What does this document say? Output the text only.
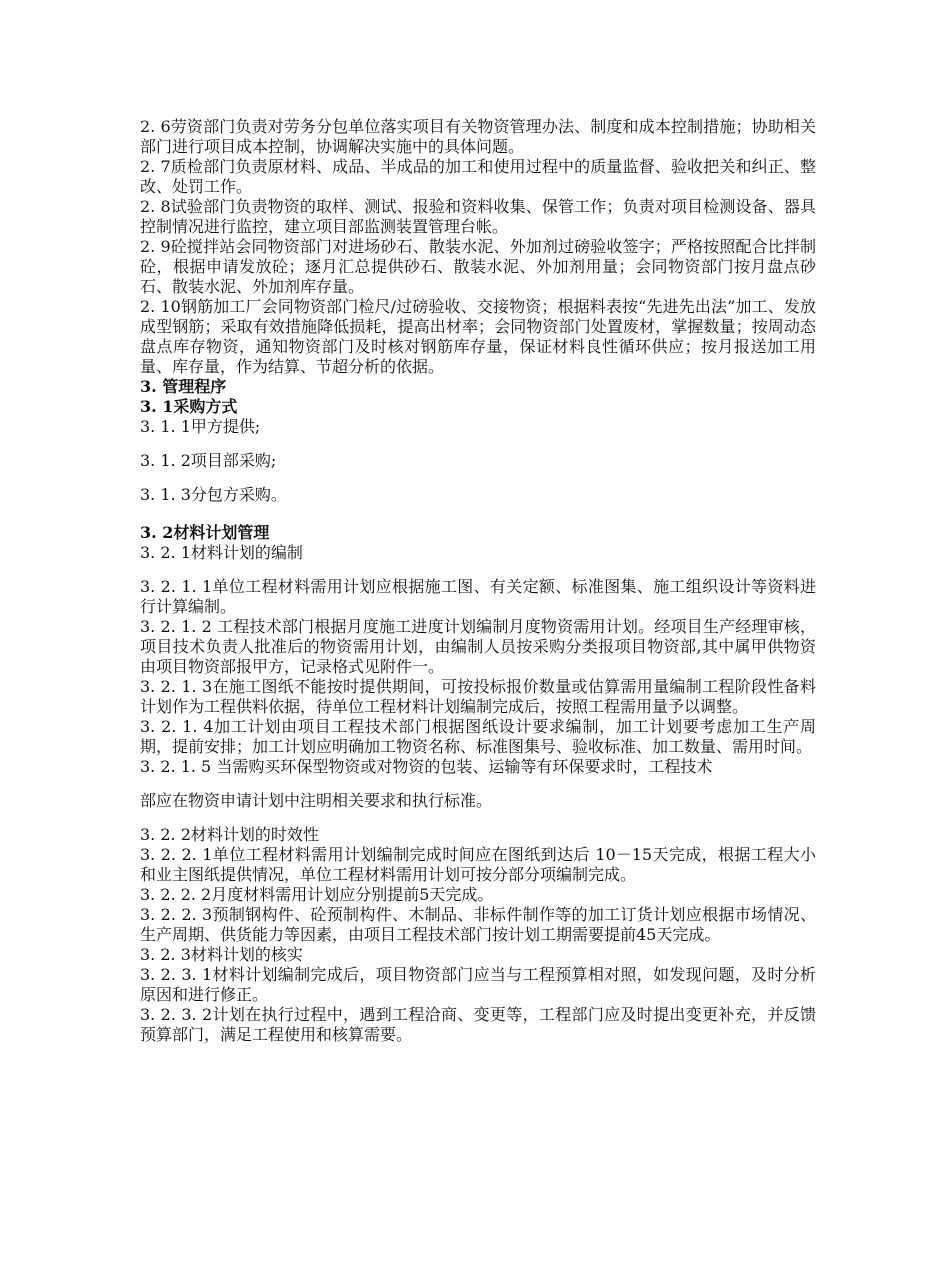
2. 6劳资部门负责对劳务分包单位落实项目有关物资管理办法、制度和成本控制措施；协助相关部门进行项目成本控制，协调解决实施中的具体问题。

2. 7质检部门负责原材料、成品、半成品的加工和使用过程中的质量监督、验收把关和纠正、整改、处罚工作。

2. 8试验部门负责物资的取样、测试、报验和资料收集、保管工作；负责对项目检测设备、器具控制情况进行监控，建立项目部监测装置管理台帐。

2. 9砼搅拌站会同物资部门对进场砂石、散装水泥、外加剂过磅验收签字；严格按照配合比拌制砼，根据申请发放砼；逐月汇总提供砂石、散装水泥、外加剂用量；会同物资部门按月盘点砂石、散装水泥、外加剂库存量。

2. 10钢筋加工厂会同物资部门检尺/过磅验收、交接物资；根据料表按“先进先出法”加工、发放成型钢筋；采取有效措施降低损耗，提高出材率；会同物资部门处置废材，掌握数量；按周动态盘点库存物资，通知物资部门及时核对钢筋库存量，保证材料良性循环供应；按月报送加工用量、库存量，作为结算、节超分析的依据。

3. 管理程序

3. 1采购方式

3. 1. 1甲方提供;

3. 1. 2项目部采购;

3. 1. 3分包方采购。

3. 2材料计划管理

3. 2. 1材料计划的编制

3. 2. 1. 1单位工程材料需用计划应根据施工图、有关定额、标准图集、施工组织设计等资料进行计算编制。

3. 2. 1. 2 工程技术部门根据月度施工进度计划编制月度物资需用计划。经项目生产经理审核，项目技术负责人批准后的物资需用计划，由编制人员按采购分类报项目物资部,其中属甲供物资由项目物资部报甲方，记录格式见附件一。

3. 2. 1. 3在施工图纸不能按时提供期间，可按投标报价数量或估算需用量编制工程阶段性备料计划作为工程供料依据，待单位工程材料计划编制完成后，按照工程需用量予以调整。

3. 2. 1. 4加工计划由项目工程技术部门根据图纸设计要求编制，加工计划要考虑加工生产周期，提前安排；加工计划应明确加工物资名称、标准图集号、验收标准、加工数量、需用时间。

3. 2. 1. 5 当需购买环保型物资或对物资的包装、运输等有环保要求时，工程技术

部应在物资申请计划中注明相关要求和执行标准。

3. 2. 2材料计划的时效性

3. 2. 2. 1单位工程材料需用计划编制完成时间应在图纸到达后 10－15天完成，根据工程大小和业主图纸提供情况，单位工程材料需用计划可按分部分项编制完成。

3. 2. 2. 2月度材料需用计划应分别提前5天完成。

3. 2. 2. 3预制钢构件、砼预制构件、木制品、非标件制作等的加工订货计划应根据市场情况、生产周期、供货能力等因素，由项目工程技术部门按计划工期需要提前45天完成。

3. 2. 3材料计划的核实

3. 2. 3. 1材料计划编制完成后，项目物资部门应当与工程预算相对照，如发现问题，及时分析原因和进行修正。

3. 2. 3. 2计划在执行过程中，遇到工程洽商、变更等，工程部门应及时提出变更补充，并反馈预算部门，满足工程使用和核算需要。
